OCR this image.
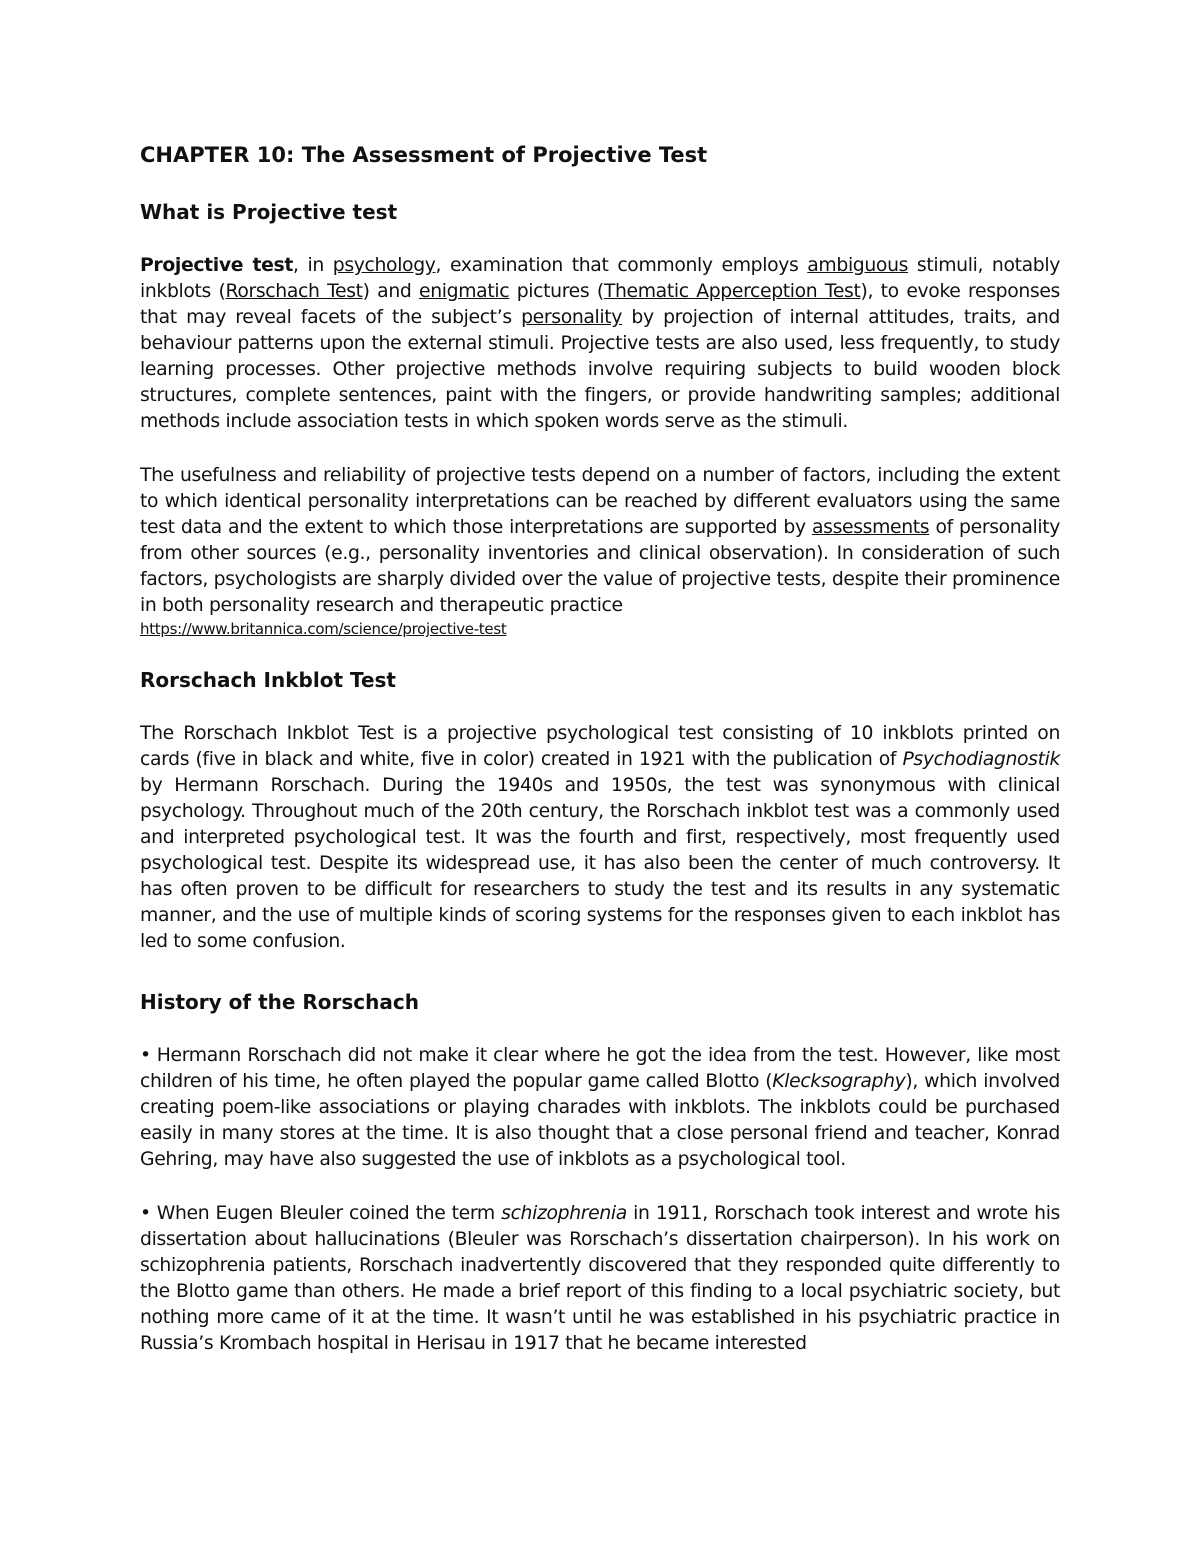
CHAPTER 10: The Assessment of Projective Test
What is Projective test

Projective test, in psychology, examination that commonly employs ambiguous stimuli, notably inkblots (Rorschach Test) and enigmatic pictures (Thematic Apperception Test), to evoke responses that may reveal facets of the subject’s personality by projection of internal attitudes, traits, and behaviour patterns upon the external stimuli. Projective tests are also used, less frequently, to study learning processes. Other projective methods involve requiring subjects to build wooden block structures, complete sentences, paint with the fingers, or provide handwriting samples; additional methods include association tests in which spoken words serve as the stimuli.

The usefulness and reliability of projective tests depend on a number of factors, including the extent to which identical personality interpretations can be reached by different evaluators using the same test data and the extent to which those interpretations are supported by assessments of personality from other sources (e.g., personality inventories and clinical observation). In consideration of such factors, psychologists are sharply divided over the value of projective tests, despite their prominence in both personality research and therapeutic practice

https://www.britannica.com/science/projective-test
Rorschach Inkblot Test

The Rorschach Inkblot Test is a projective psychological test consisting of 10 inkblots printed on cards (five in black and white, five in color) created in 1921 with the publication of Psychodiagnostik by Hermann Rorschach. During the 1940s and 1950s, the test was synonymous with clinical psychology. Throughout much of the 20th century, the Rorschach inkblot test was a commonly used and interpreted psychological test. It was the fourth and first, respectively, most frequently used psychological test. Despite its widespread use, it has also been the center of much controversy. It has often proven to be difficult for researchers to study the test and its results in any systematic manner, and the use of multiple kinds of scoring systems for the responses given to each inkblot has led to some confusion.

History of the Rorschach

• Hermann Rorschach did not make it clear where he got the idea from the test. However, like most children of his time, he often played the popular game called Blotto (Klecksography), which involved creating poem-like associations or playing charades with inkblots. The inkblots could be purchased easily in many stores at the time. It is also thought that a close personal friend and teacher, Konrad Gehring, may have also suggested the use of inkblots as a psychological tool.

• When Eugen Bleuler coined the term schizophrenia in 1911, Rorschach took interest and wrote his dissertation about hallucinations (Bleuler was Rorschach’s dissertation chairperson). In his work on schizophrenia patients, Rorschach inadvertently discovered that they responded quite differently to the Blotto game than others. He made a brief report of this finding to a local psychiatric society, but nothing more came of it at the time. It wasn’t until he was established in his psychiatric practice in Russia’s Krombach hospital in Herisau in 1917 that he became interested
